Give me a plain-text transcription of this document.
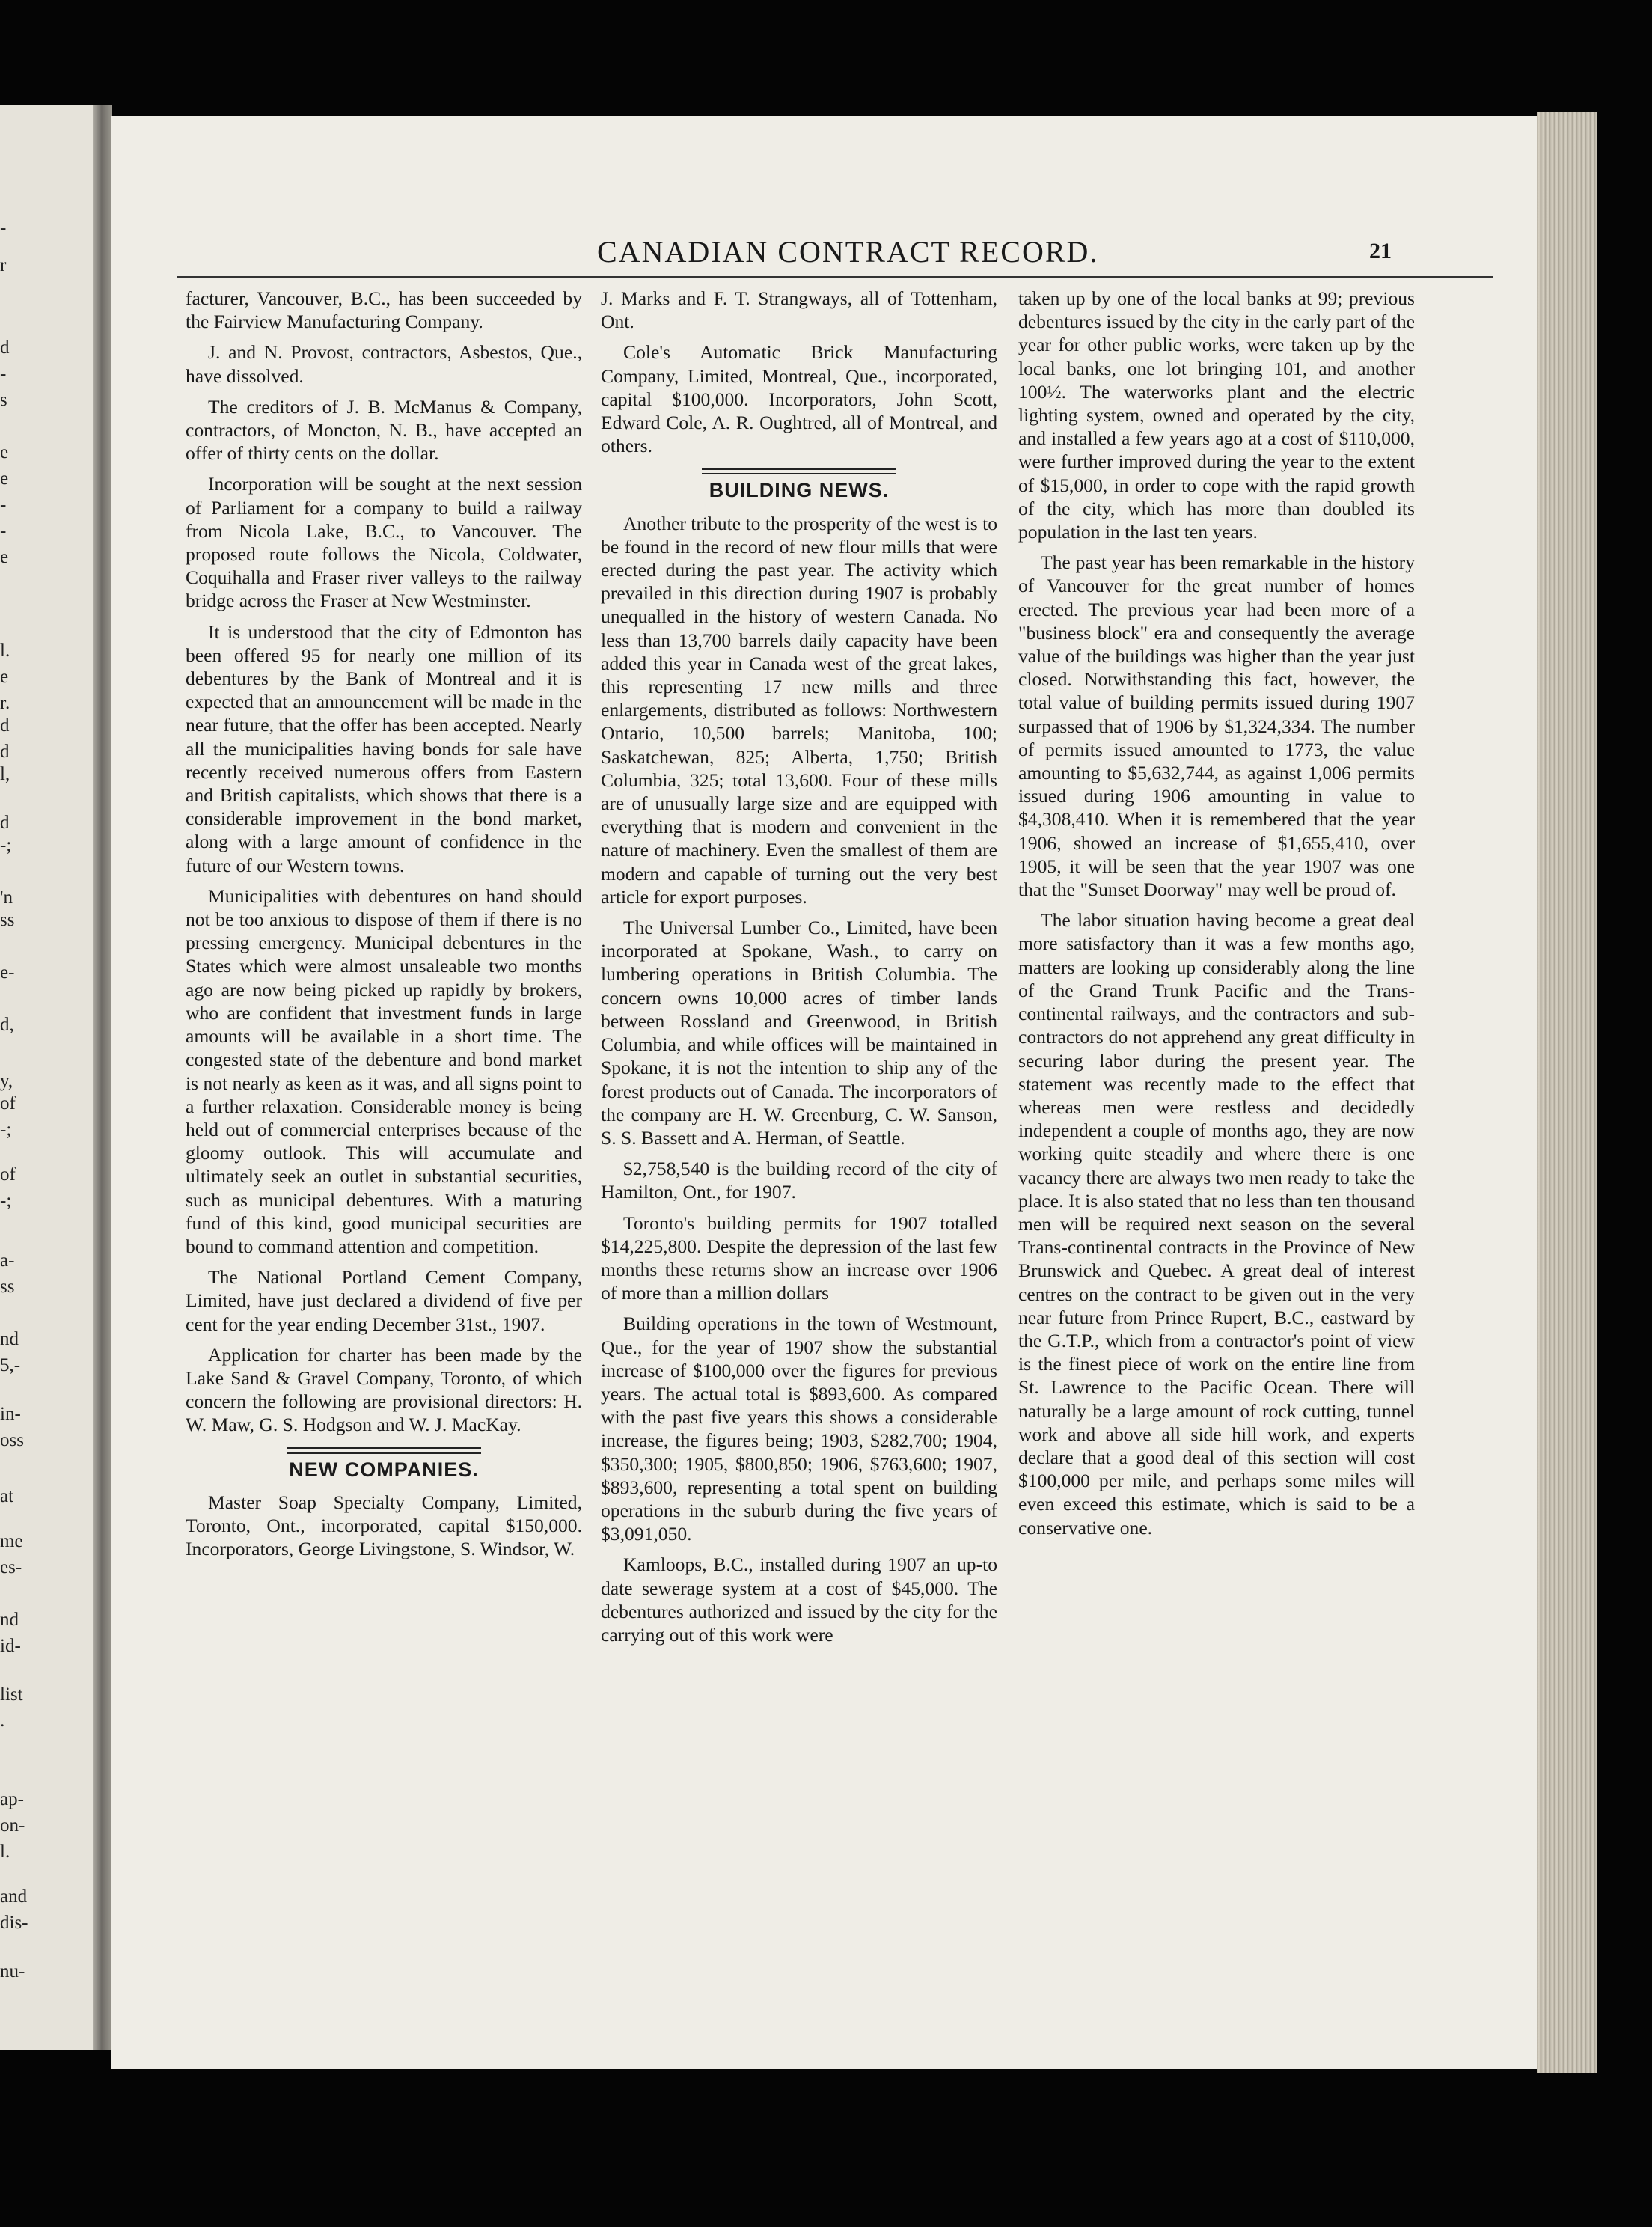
-
r
d
-
s
e
e
-
-
e
l.
e
r.
d
d
l,
d
-;
'n
ss
e-
d,
y,
of
-;
of
-;
a-
ss
nd
5,-
in-
oss
at
me
es-
nd
id-
list
.
ap-
on-
l.
and
dis-
nu-
CANADIAN CONTRACT RECORD.	21

facturer, Vancouver, B.C., has been succeeded by the Fairview Manufacturing Company.

J. and N. Provost, contractors, Asbestos, Que., have dissolved.

The creditors of J. B. McManus & Company, contractors, of Moncton, N. B., have accepted an offer of thirty cents on the dollar.

Incorporation will be sought at the next session of Parliament for a company to build a railway from Nicola Lake, B.C., to Vancouver. The proposed route follows the Nicola, Coldwater, Coquihalla and Fraser river valleys to the railway bridge across the Fraser at New Westminster.

It is understood that the city of Edmonton has been offered 95 for nearly one million of its debentures by the Bank of Montreal and it is expected that an announcement will be made in the near future, that the offer has been accepted. Nearly all the municipalities having bonds for sale have recently received numerous offers from Eastern and British capitalists, which shows that there is a considerable improvement in the bond market, along with a large amount of confidence in the future of our Western towns.

Municipalities with debentures on hand should not be too anxious to dispose of them if there is no pressing emergency. Municipal debentures in the States which were almost unsaleable two months ago are now being picked up rapidly by brokers, who are confident that investment funds in large amounts will be available in a short time. The congested state of the debenture and bond market is not nearly as keen as it was, and all signs point to a further relaxation. Considerable money is being held out of commercial enterprises because of the gloomy outlook. This will accumulate and ultimately seek an outlet in substantial securities, such as municipal debentures. With a maturing fund of this kind, good municipal securities are bound to command attention and competition.

The National Portland Cement Company, Limited, have just declared a dividend of five per cent for the year ending December 31st., 1907.

Application for charter has been made by the Lake Sand & Gravel Company, Toronto, of which concern the following are provisional directors: H. W. Maw, G. S. Hodgson and W. J. MacKay.

NEW COMPANIES.

Master Soap Specialty Company, Limited, Toronto, Ont., incorporated, capital $150,000. Incorporators, George Livingstone, S. Windsor, W.

J. Marks and F. T. Strangways, all of Tottenham, Ont.

Cole's Automatic Brick Manufacturing Company, Limited, Montreal, Que., incorporated, capital $100,000. Incorporators, John Scott, Edward Cole, A. R. Oughtred, all of Montreal, and others.

BUILDING NEWS.

Another tribute to the prosperity of the west is to be found in the record of new flour mills that were erected during the past year. The activity which prevailed in this direction during 1907 is probably unequalled in the history of western Canada. No less than 13,700 barrels daily capacity have been added this year in Canada west of the great lakes, this representing 17 new mills and three enlargements, distributed as follows: Northwestern Ontario, 10,500 barrels; Manitoba, 100; Saskatchewan, 825; Alberta, 1,750; British Columbia, 325; total 13,600. Four of these mills are of unusually large size and are equipped with everything that is modern and convenient in the nature of machinery. Even the smallest of them are modern and capable of turning out the very best article for export purposes.

The Universal Lumber Co., Limited, have been incorporated at Spokane, Wash., to carry on lumbering operations in British Columbia. The concern owns 10,000 acres of timber lands between Rossland and Greenwood, in British Columbia, and while offices will be maintained in Spokane, it is not the intention to ship any of the forest products out of Canada. The incorporators of the company are H. W. Greenburg, C. W. Sanson, S. S. Bassett and A. Herman, of Seattle.

$2,758,540 is the building record of the city of Hamilton, Ont., for 1907.

Toronto's building permits for 1907 totalled $14,225,800. Despite the depression of the last few months these returns show an increase over 1906 of more than a million dollars

Building operations in the town of Westmount, Que., for the year of 1907 show the substantial increase of $100,000 over the figures for previous years. The actual total is $893,600. As compared with the past five years this shows a considerable increase, the figures being; 1903, $282,700; 1904, $350,300; 1905, $800,850; 1906, $763,600; 1907, $893,600, representing a total spent on building operations in the suburb during the five years of $3,091,050.

Kamloops, B.C., installed during 1907 an up-to date sewerage system at a cost of $45,000. The debentures authorized and issued by the city for the carrying out of this work were

taken up by one of the local banks at 99; previous debentures issued by the city in the early part of the year for other public works, were taken up by the local banks, one lot bringing 101, and another 100½. The waterworks plant and the electric lighting system, owned and operated by the city, and installed a few years ago at a cost of $110,000, were further improved during the year to the extent of $15,000, in order to cope with the rapid growth of the city, which has more than doubled its population in the last ten years.

The past year has been remarkable in the history of Vancouver for the great number of homes erected. The previous year had been more of a "business block" era and consequently the average value of the buildings was higher than the year just closed. Notwithstanding this fact, however, the total value of building permits issued during 1907 surpassed that of 1906 by $1,324,334. The number of permits issued amounted to 1773, the value amounting to $5,632,744, as against 1,006 permits issued during 1906 amounting in value to $4,308,410. When it is remembered that the year 1906, showed an increase of $1,655,410, over 1905, it will be seen that the year 1907 was one that the "Sunset Doorway" may well be proud of.

The labor situation having become a great deal more satisfactory than it was a few months ago, matters are looking up considerably along the line of the Grand Trunk Pacific and the Trans-continental railways, and the contractors and sub-contractors do not apprehend any great difficulty in securing labor during the present year. The statement was recently made to the effect that whereas men were restless and decidedly independent a couple of months ago, they are now working quite steadily and where there is one vacancy there are always two men ready to take the place. It is also stated that no less than ten thousand men will be required next season on the several Trans-continental contracts in the Province of New Brunswick and Quebec. A great deal of interest centres on the contract to be given out in the very near future from Prince Rupert, B.C., eastward by the G.T.P., which from a contractor's point of view is the finest piece of work on the entire line from St. Lawrence to the Pacific Ocean. There will naturally be a large amount of rock cutting, tunnel work and above all side hill work, and experts declare that a good deal of this section will cost $100,000 per mile, and perhaps some miles will even exceed this estimate, which is said to be a conservative one.
